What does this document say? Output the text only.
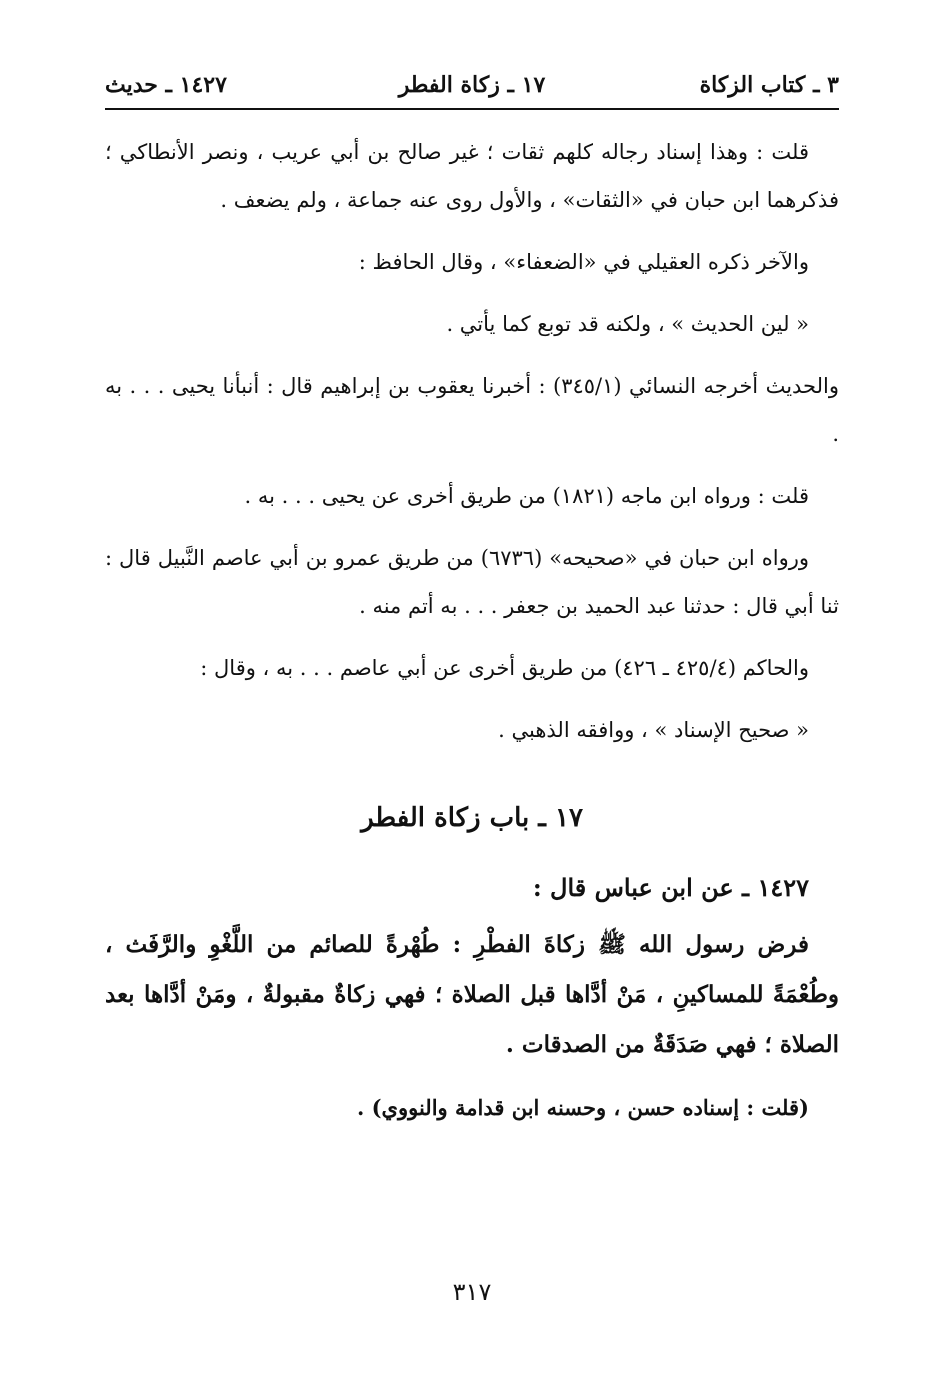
٣ ـ كتاب الزكاة
١٧ ـ زكاة الفطر
١٤٢٧ ـ حديث

قلت : وهذا إسناد رجاله كلهم ثقات ؛ غير صالح بن أبي عريب ، ونصر الأنطاكي ؛ فذكرهما ابن حبان في «الثقات» ، والأول روى عنه جماعة ، ولم يضعف .

والآخر ذكره العقيلي في «الضعفاء» ، وقال الحافظ :

« لين الحديث » ، ولكنه قد توبع كما يأتي .

والحديث أخرجه النسائي (٣٤٥/١) : أخبرنا يعقوب بن إبراهيم قال : أنبأنا يحيى . . . به .

قلت : ورواه ابن ماجه (١٨٢١) من طريق أخرى عن يحيى . . . به .

ورواه ابن حبان في «صحيحه» (٦٧٣٦) من طريق عمرو بن أبي عاصم النَّبيل قال : ثنا أبي قال : حدثنا عبد الحميد بن جعفر . . . به أتم منه .

والحاكم (٤٢٥/٤ ـ ٤٢٦) من طريق أخرى عن أبي عاصم . . . به ، وقال :

« صحيح الإسناد » ، ووافقه الذهبي .

١٧ ـ باب زكاة الفطر

١٤٢٧ ـ عن ابن عباس قال :

فرض رسول الله ﷺ زكاةَ الفطْرِ : طُهْرةً للصائم من اللَّغْوِ والرَّفَث ، وطُعْمَةً للمساكينِ ، مَنْ أدَّاها قبل الصلاة ؛ فهي زكاةٌ مقبولةٌ ، ومَنْ أدَّاها بعد الصلاة ؛ فهي صَدَقَةٌ من الصدقات .

(قلت : إسناده حسن ، وحسنه ابن قدامة والنووي) .

٣١٧
